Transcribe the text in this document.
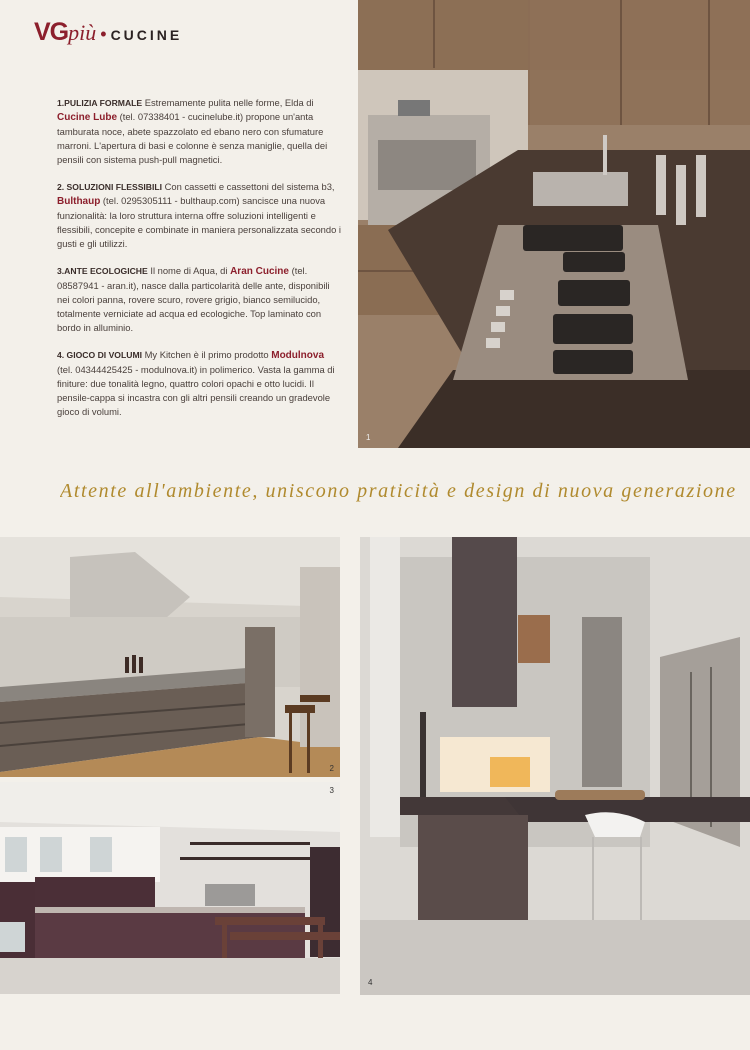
VGpiù • CUCINE

1.PULIZIA FORMALE Estremamente pulita nelle forme, Elda di Cucine Lube (tel. 07338401 - cucinelube.it) propone un'anta tamburata noce, abete spazzolato ed ebano nero con sfumature marroni. L'apertura di basi e colonne è senza maniglie, quella dei pensili con sistema push-pull magnetici.

2. SOLUZIONI FLESSIBILI Con cassetti e cassettoni del sistema b3, Bulthaup (tel. 0295305111 - bulthaup.com) sancisce una nuova funzionalità: la loro struttura interna offre soluzioni intelligenti e flessibili, concepite e combinate in maniera personalizzata secondo i gusti e gli utilizzi.

3.ANTE ECOLOGICHE Il nome di Aqua, di Aran Cucine (tel. 08587941 - aran.it), nasce dalla particolarità delle ante, disponibili nei colori panna, rovere scuro, rovere grigio, bianco semilucido, totalmente verniciate ad acqua ed ecologiche. Top laminato con bordo in alluminio.

4. GIOCO DI VOLUMI My Kitchen è il primo prodotto Modulnova (tel. 04344425425 - modulnova.it) in polimerico. Vasta la gamma di finiture: due tonalità legno, quattro colori opachi e otto lucidi. Il pensile-cappa si incastra con gli altri pensili creando un gradevole gioco di volumi.

1
Attente all'ambiente, uniscono praticità e design di nuova generazione
2
3
4
